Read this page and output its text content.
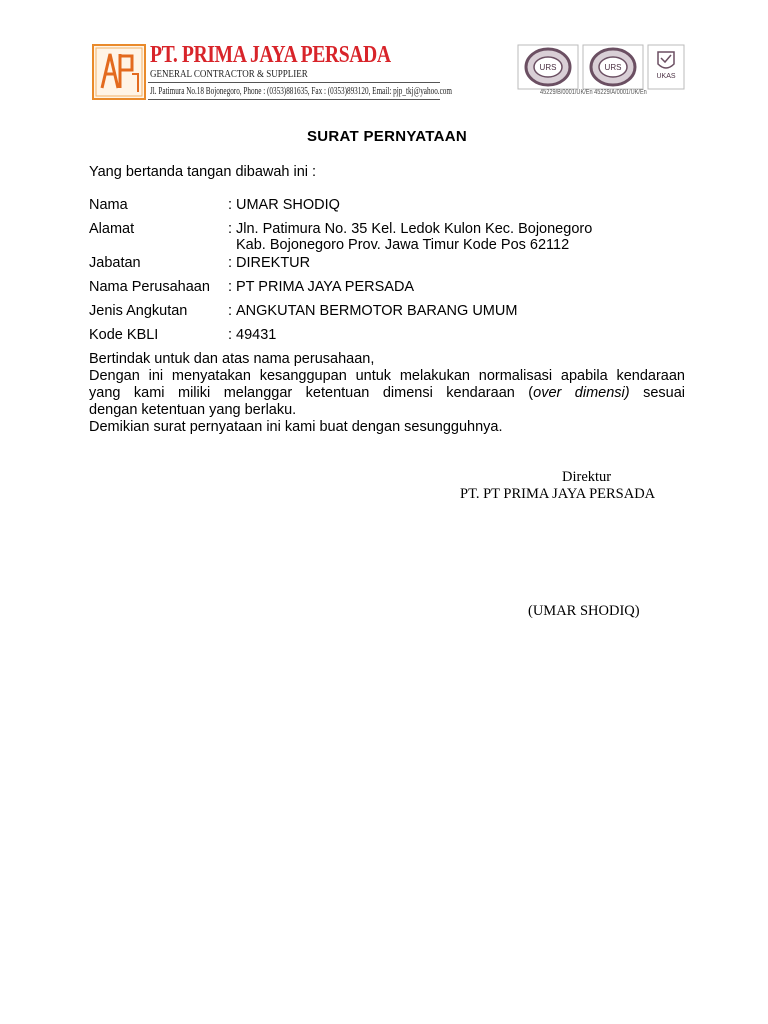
PT. PRIMA JAYA PERSADA
GENERAL CONTRACTOR & SUPPLIER
Jl. Patimura No.18 Bojonegoro, Phone : (0353)881635, Fax : (0353)893120, Email: pjp_tkj@yahoo.com
URS	URS
UKAS
45229/B/0001/UK/En 45229/A/0001/UK/En
SURAT PERNYATAAN
Yang bertanda tangan dibawah ini :
Nama	: UMAR SHODIQ
Alamat	: Jln. Patimura No. 35 Kel. Ledok Kulon Kec. Bojonegoro
Kab. Bojonegoro Prov. Jawa Timur Kode Pos 62112
Jabatan	: DIREKTUR
Nama Perusahaan : PT PRIMA JAYA PERSADA
Jenis Angkutan	: ANGKUTAN BERMOTOR BARANG UMUM
Kode KBLI	: 49431
Bertindak untuk dan atas nama perusahaan,
Dengan ini menyatakan kesanggupan untuk melakukan normalisasi apabila kendaraan
yang kami miliki melanggar ketentuan dimensi kendaraan (over dimensi) sesuai
dengan ketentuan yang berlaku.
Demikian surat pernyataan ini kami buat dengan sesungguhnya.
Direktur
PT. PT PRIMA JAYA PERSADA
(UMAR SHODIQ)
